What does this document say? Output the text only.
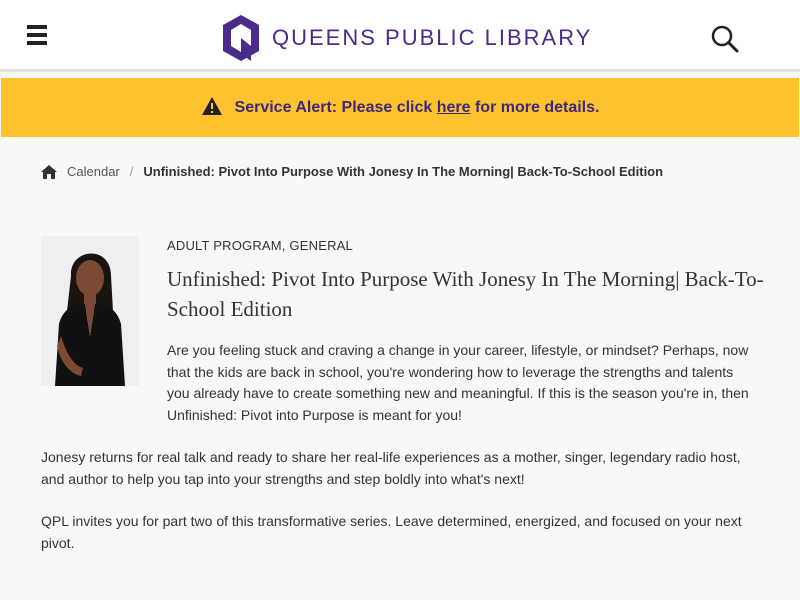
QUEENS PUBLIC LIBRARY
Service Alert: Please click here for more details.
Calendar / Unfinished: Pivot Into Purpose With Jonesy In The Morning| Back-To-School Edition
ADULT PROGRAM, GENERAL
Unfinished: Pivot Into Purpose With Jonesy In The Morning| Back-To-School Edition

Are you feeling stuck and craving a change in your career, lifestyle, or mindset? Perhaps, now that the kids are back in school, you're wondering how to leverage the strengths and talents you already have to create something new and meaningful. If this is the season you're in, then Unfinished: Pivot into Purpose is meant for you!

Jonesy returns for real talk and ready to share her real-life experiences as a mother, singer, legendary radio host, and author to help you tap into your strengths and step boldly into what's next!

QPL invites you for part two of this transformative series. Leave determined, energized, and focused on your next pivot.
